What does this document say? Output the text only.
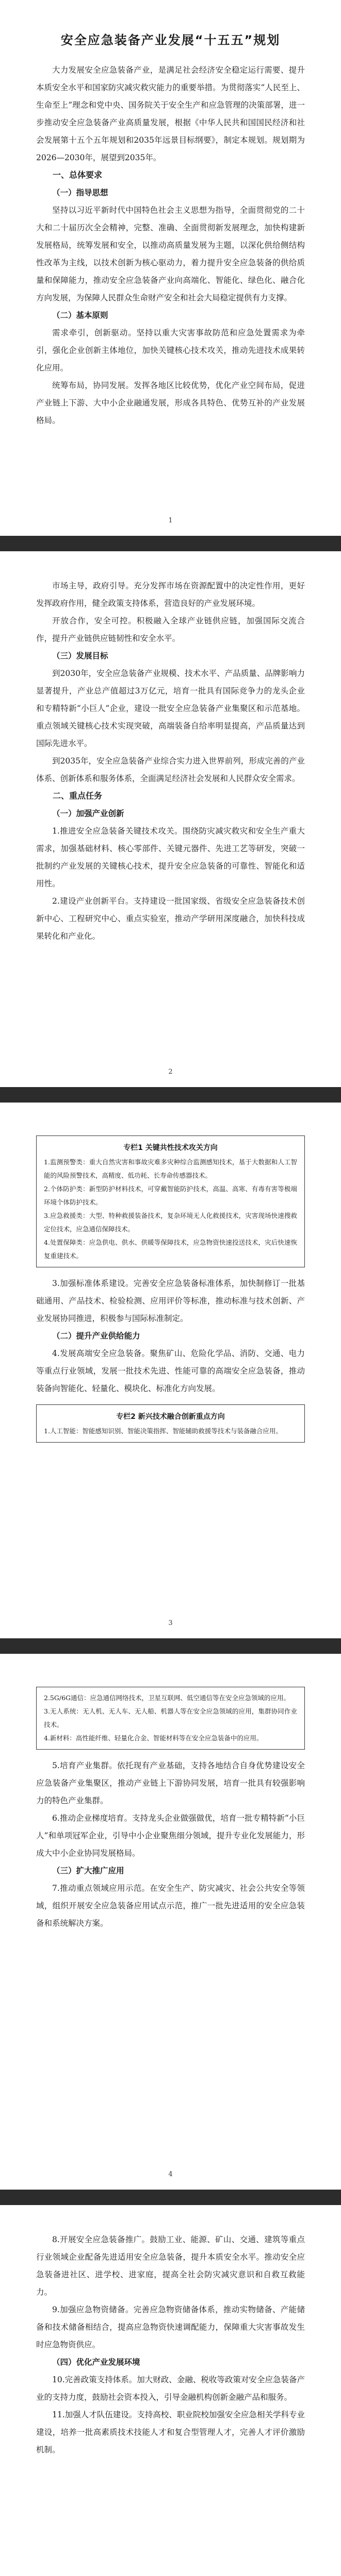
安全应急装备产业发展“十五五”规划

大力发展安全应急装备产业，是满足社会经济安全稳定运行需要、提升本质安全水平和国家防灾减灾救灾能力的重要举措。为贯彻落实“人民至上、生命至上”理念和党中央、国务院关于安全生产和应急管理的决策部署，进一步推动安全应急装备产业高质量发展，根据《中华人民共和国国民经济和社会发展第十五个五年规划和2035年远景目标纲要》，制定本规划。规划期为2026—2030年，展望到2035年。

一、总体要求

（一）指导思想

坚持以习近平新时代中国特色社会主义思想为指导，全面贯彻党的二十大和二十届历次全会精神，完整、准确、全面贯彻新发展理念，加快构建新发展格局，统筹发展和安全，以推动高质量发展为主题，以深化供给侧结构性改革为主线，以技术创新为核心驱动力，着力提升安全应急装备的供给质量和保障能力，推动安全应急装备产业向高端化、智能化、绿色化、融合化方向发展，为保障人民群众生命财产安全和社会大局稳定提供有力支撑。

（二）基本原则

需求牵引，创新驱动。坚持以重大灾害事故防范和应急处置需求为牵引，强化企业创新主体地位，加快关键核心技术攻关，推动先进技术成果转化应用。

统筹布局，协同发展。发挥各地区比较优势，优化产业空间布局，促进产业链上下游、大中小企业融通发展，形成各具特色、优势互补的产业发展格局。

1

市场主导，政府引导。充分发挥市场在资源配置中的决定性作用，更好发挥政府作用，健全政策支持体系，营造良好的产业发展环境。

开放合作，安全可控。积极融入全球产业链供应链，加强国际交流合作，提升产业链供应链韧性和安全水平。

（三）发展目标

到2030年，安全应急装备产业规模、技术水平、产品质量、品牌影响力显著提升，产业总产值超过3万亿元，培育一批具有国际竞争力的龙头企业和专精特新“小巨人”企业，建设一批安全应急装备产业集聚区和示范基地。重点领域关键核心技术实现突破，高端装备自给率明显提高，产品质量达到国际先进水平。

到2035年，安全应急装备产业综合实力进入世界前列，形成完善的产业体系、创新体系和服务体系，全面满足经济社会发展和人民群众安全需求。

二、重点任务

（一）加强产业创新

1.推进安全应急装备关键技术攻关。围绕防灾减灾救灾和安全生产重大需求，加强基础材料、核心零部件、关键元器件、先进工艺等研发，突破一批制约产业发展的关键核心技术，提升安全应急装备的可靠性、智能化和适用性。

2.建设产业创新平台。支持建设一批国家级、省级安全应急装备技术创新中心、工程研究中心、重点实验室，推动产学研用深度融合，加快科技成果转化和产业化。

2
专栏1 关键共性技术攻关方向

1.监测预警类：重大自然灾害和事故灾难多灾种综合监测感知技术，基于大数据和人工智能的风险预警技术，高精度、低功耗、长寿命传感器技术。

2.个体防护类：新型防护材料技术，可穿戴智能防护技术，高温、高寒、有毒有害等极端环境个体防护技术。

3.应急救援类：大型、特种救援装备技术，复杂环境无人化救援技术，灾害现场快速搜救定位技术，应急通信保障技术。

4.处置保障类：应急供电、供水、供暖等保障技术，应急物资快速投送技术，灾后快速恢复重建技术。

3.加强标准体系建设。完善安全应急装备标准体系，加快制修订一批基础通用、产品技术、检验检测、应用评价等标准，推动标准与技术创新、产业发展协同推进，积极参与国际标准制定。

（二）提升产业供给能力

4.发展高端安全应急装备。聚焦矿山、危险化学品、消防、交通、电力等重点行业领域，发展一批技术先进、性能可靠的高端安全应急装备，推动装备向智能化、轻量化、模块化、标准化方向发展。

专栏2 新兴技术融合创新重点方向

1.人工智能：智能感知识别、智能决策指挥、智能辅助救援等技术与装备融合应用。

3

2.5G/6G通信：应急通信网络技术，卫星互联网、低空通信等在安全应急领域的应用。

3.无人系统：无人机、无人车、无人船、机器人等在安全应急领域的应用，集群协同作业技术。

4.新材料：高性能纤维、轻量化合金、智能材料等在安全应急装备中的应用。

5.培育产业集群。依托现有产业基础，支持各地结合自身优势建设安全应急装备产业集聚区，推动产业链上下游协同发展，培育一批具有较强影响力的特色产业集群。

6.推动企业梯度培育。支持龙头企业做强做优，培育一批专精特新“小巨人”和单项冠军企业，引导中小企业聚焦细分领域，提升专业化发展能力，形成大中小企业协同发展格局。

（三）扩大推广应用

7.推动重点领域应用示范。在安全生产、防灾减灾、社会公共安全等领域，组织开展安全应急装备应用试点示范，推广一批先进适用的安全应急装备和系统解决方案。

4

8.开展安全应急装备推广。鼓励工业、能源、矿山、交通、建筑等重点行业领域企业配备先进适用安全应急装备，提升本质安全水平。推动安全应急装备进社区、进学校、进家庭，提高全社会防灾减灾意识和自救互救能力。

9.加强应急物资储备。完善应急物资储备体系，推动实物储备、产能储备和技术储备相结合，提高应急物资快速调配能力，保障重大灾害事故发生时应急物资供应。

（四）优化产业发展环境

10.完善政策支持体系。加大财政、金融、税收等政策对安全应急装备产业的支持力度，鼓励社会资本投入，引导金融机构创新金融产品和服务。

11.加强人才队伍建设。支持高校、职业院校加强安全应急相关学科专业建设，培养一批高素质技术技能人才和复合型管理人才，完善人才评价激励机制。
